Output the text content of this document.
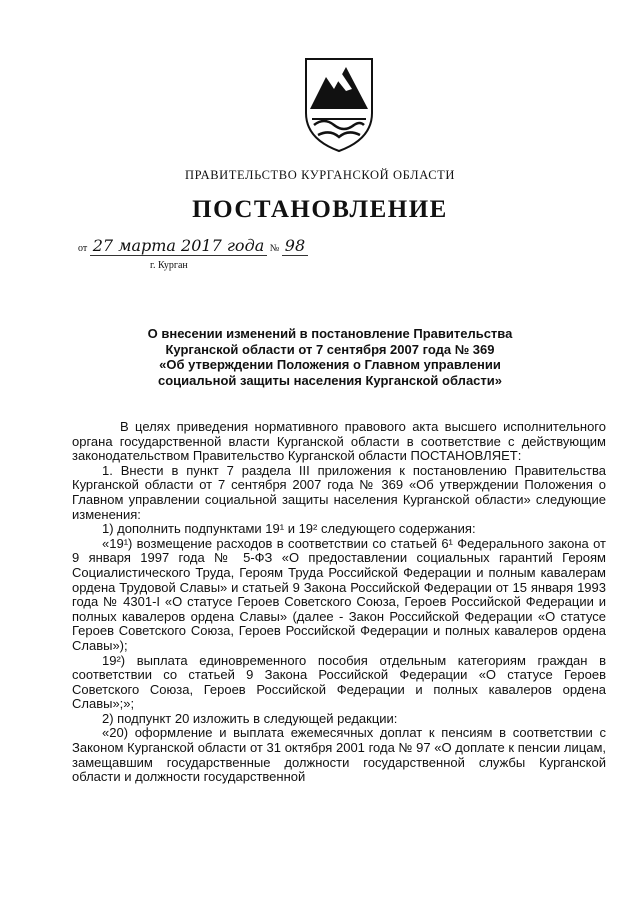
ПРАВИТЕЛЬСТВО КУРГАНСКОЙ ОБЛАСТИ
ПОСТАНОВЛЕНИЕ
от 27 марта 2017 года № 98
г. Курган
О внесении изменений в постановление Правительства
Курганской области от 7 сентября 2007 года № 369
«Об утверждении Положения о Главном управлении
социальной защиты населения Курганской области»

В целях приведения нормативного правового акта высшего исполнительного органа государственной власти Курганской области в соответствие с действующим законодательством Правительство Курганской области ПОСТАНОВЛЯЕТ:

1. Внести в пункт 7 раздела III приложения к постановлению Правительства Курганской области от 7 сентября 2007 года № 369 «Об утверждении Положения о Главном управлении социальной защиты населения Курганской области» следующие изменения:

1) дополнить подпунктами 19¹ и 19² следующего содержания:

«19¹) возмещение расходов в соответствии со статьей 6¹ Федерального закона от 9 января 1997 года № 5-ФЗ «О предоставлении социальных гарантий Героям Социалистического Труда, Героям Труда Российской Федерации и полным кавалерам ордена Трудовой Славы» и статьей 9 Закона Российской Федерации от 15 января 1993 года № 4301-I «О статусе Героев Советского Союза, Героев Российской Федерации и полных кавалеров ордена Славы» (далее - Закон Российской Федерации «О статусе Героев Советского Союза, Героев Российской Федерации и полных кавалеров ордена Славы»);

19²) выплата единовременного пособия отдельным категориям граждан в соответствии со статьей 9 Закона Российской Федерации «О статусе Героев Советского Союза, Героев Российской Федерации и полных кавалеров ордена Славы»;»;

2) подпункт 20 изложить в следующей редакции:

«20) оформление и выплата ежемесячных доплат к пенсиям в соответствии с Законом Курганской области от 31 октября 2001 года № 97 «О доплате к пенсии лицам, замещавшим государственные должности государственной службы Курганской области и должности государственной
